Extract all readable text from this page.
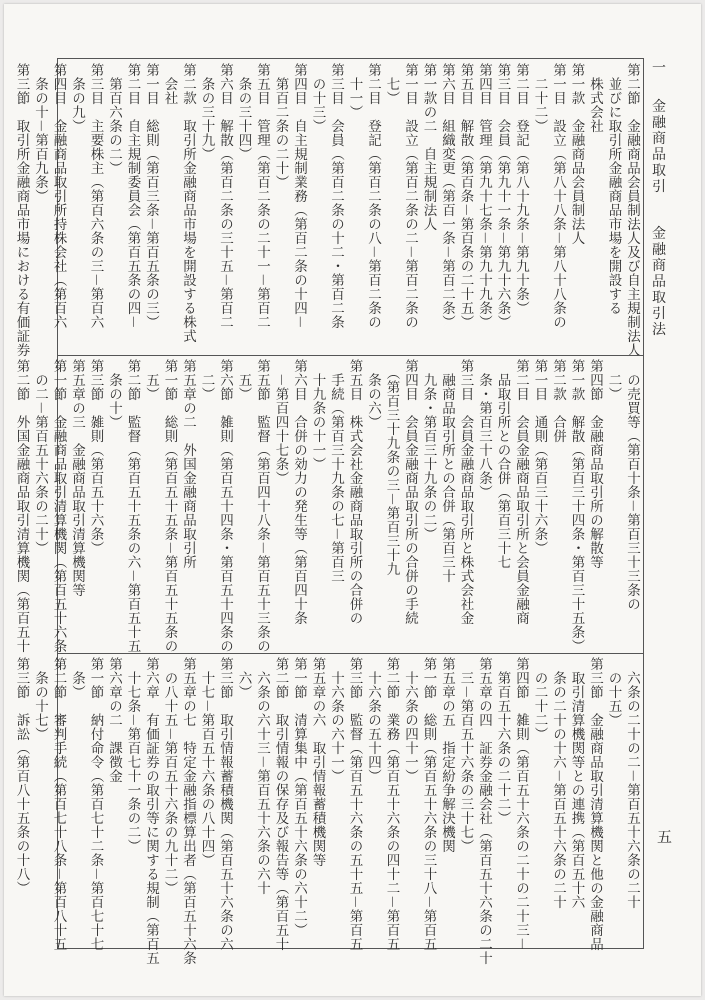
第二節　金融商品会員制法人及び自主規制法人
　並びに取引所金融商品市場を開設する
　株式会社
第一款　金融商品会員制法人
第一目　設立（第八十八条－第八十八条の
　二十二）
第二目　登記（第八十九条－第九十条）
第三目　会員（第九十一条－第九十六条）
第四目　管理（第九十七条－第九十九条）
第五目　解散（第百条－第百条の二十五）
第六目　組織変更（第百一条－第百二条）
第一款の二　自主規制法人
第一目　設立（第百二条の二－第百二条の
　七）
第二目　登記（第百二条の八－第百二条の
　十一）
第三目　会員（第百二条の十二・第百二条
　の十三）
第四目　自主規制業務（第百二条の十四－
　第百二条の二十）
第五目　管理（第百二条の二十一－第百二
　条の三十四）
第六目　解散（第百二条の三十五－第百二
　条の三十九）
第二款　取引所金融商品市場を開設する株式
　会社
第一目　総則（第百三条－第百五条の三）
第二目　自主規制委員会（第百五条の四－
　第百六条の二）
第三目　主要株主（第百六条の三－第百六
　条の九）
第四目　金融商品取引所持株会社（第百六
　条の十－第百九条）
第三節　取引所金融商品市場における有価証券
　の売買等（第百十条－第百三十三条の
　二）
第四節　金融商品取引所の解散等
第一款　解散（第百三十四条・第百三十五条）
第二款　合併
第一目　通則（第百三十六条）
第二目　会員金融商品取引所と会員金融商
　品取引所との合併（第百三十七
　条・第百三十八条）
第三目　会員金融商品取引所と株式会社金
　融商品取引所との合併（第百三十
　九条・第百三十九条の二）
第四目　会員金融商品取引所の合併の手続
　（第百三十九条の三－第百三十九
　条の六）
第五目　株式会社金融商品取引所の合併の
　手続（第百三十九条の七－第百三
　十九条の十一）
第六目　合併の効力の発生等（第百四十条
　－第百四十七条）
第五節　監督（第百四十八条－第百五十三条の
　五）
第六節　雑則（第百五十四条・第百五十四条の
　二）
第五章の二　外国金融商品取引所
第一節　総則（第百五十五条－第百五十五条の
　五）
第二節　監督（第百五十五条の六－第百五十五
　条の十）
第三節　雑則（第百五十六条）
第五章の三　金融商品取引清算機関等
第一節　金融商品取引清算機関（第百五十六条
　の二－第百五十六条の二十）
第二節　外国金融商品取引清算機関（第百五十
　六条の二十の二－第百五十六条の二十
　の十五）
第三節　金融商品取引清算機関と他の金融商品
　取引清算機関等との連携（第百五十六
　条の二十の十六－第百五十六条の二十
　の二十二）
第四節　雑則（第百五十六条の二十の二十三－
　第百五十六条の二十二）
第五章の四　証券金融会社（第百五十六条の二十
　三－第百五十六条の三十七）
第五章の五　指定紛争解決機関
第一節　総則（第百五十六条の三十八－第百五
　十六条の四十一）
第二節　業務（第百五十六条の四十二－第百五
　十六条の五十四）
第三節　監督（第百五十六条の五十五－第百五
　十六条の六十一）
第五章の六　取引情報蓄積機関等
第一節　清算集中（第百五十六条の六十二）
第二節　取引情報の保存及び報告等（第百五十
　六条の六十三－第百五十六条の六十
　六）
第三節　取引情報蓄積機関（第百五十六条の六
　十七－第百五十六条の八十四）
第五章の七　特定金融指標算出者（第百五十六条
　の八十五－第百五十六条の九十二）
第六章　有価証券の取引等に関する規制（第百五
　十七条－第百七十一条の二）
第六章の二　課徴金
第一節　納付命令（第百七十二条－第百七十七
　条）
第二節　審判手続（第百七十八条－第百八十五
　条の十七）
第三節　訴訟（第百八十五条の十八）
一  金融商品取引  金融商品取引法
五
